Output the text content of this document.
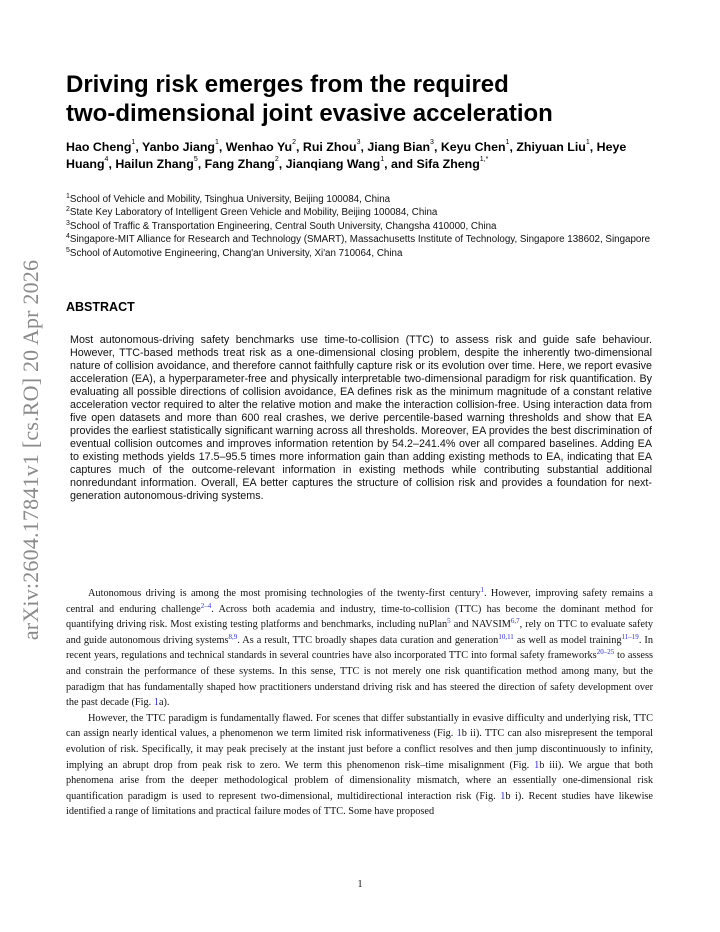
arXiv:2604.17841v1 [cs.RO] 20 Apr 2026
Driving risk emerges from the required
two-dimensional joint evasive acceleration

Hao Cheng$^1$, Yanbo Jiang$^1$, Wenhao Yu$^2$, Rui Zhou$^3$, Jiang Bian$^3$, Keyu Chen$^1$, Zhiyuan Liu$^1$, Heye Huang$^4$, Hailun Zhang$^5$, Fang Zhang$^2$, Jianqiang Wang$^1$, and Sifa Zheng$^{1,*}$

$^1$School of Vehicle and Mobility, Tsinghua University, Beijing 100084, China
$^2$State Key Laboratory of Intelligent Green Vehicle and Mobility, Beijing 100084, China
$^3$School of Traffic & Transportation Engineering, Central South University, Changsha 410000, China
$^4$Singapore-MIT Alliance for Research and Technology (SMART), Massachusetts Institute of Technology, Singapore 138602, Singapore
$^5$School of Automotive Engineering, Chang'an University, Xi'an 710064, China
ABSTRACT

Most autonomous-driving safety benchmarks use time-to-collision (TTC) to assess risk and guide safe behaviour. However, TTC-based methods treat risk as a one-dimensional closing problem, despite the inherently two-dimensional nature of collision avoidance, and therefore cannot faithfully capture risk or its evolution over time. Here, we report evasive acceleration (EA), a hyperparameter-free and physically interpretable two-dimensional paradigm for risk quantification. By evaluating all possible directions of collision avoidance, EA defines risk as the minimum magnitude of a constant relative acceleration vector required to alter the relative motion and make the interaction collision-free. Using interaction data from five open datasets and more than 600 real crashes, we derive percentile-based warning thresholds and show that EA provides the earliest statistically significant warning across all thresholds. Moreover, EA provides the best discrimination of eventual collision outcomes and improves information retention by 54.2–241.4% over all compared baselines. Adding EA to existing methods yields 17.5–95.5 times more information gain than adding existing methods to EA, indicating that EA captures much of the outcome-relevant information in existing methods while contributing substantial additional nonredundant information. Overall, EA better captures the structure of collision risk and provides a foundation for next-generation autonomous-driving systems.

Autonomous driving is among the most promising technologies of the twenty-first century$^1$. However, improving safety remains a central and enduring challenge$^{2-4}$. Across both academia and industry, time-to-collision (TTC) has become the dominant method for quantifying driving risk. Most existing testing platforms and benchmarks, including nuPlan$^5$ and NAVSIM$^{6,7}$, rely on TTC to evaluate safety and guide autonomous driving systems$^{8,9}$. As a result, TTC broadly shapes data curation and generation$^{10,11}$ as well as model training$^{11-19}$. In recent years, regulations and technical standards in several countries have also incorporated TTC into formal safety frameworks$^{20-25}$ to assess and constrain the performance of these systems. In this sense, TTC is not merely one risk quantification method among many, but the paradigm that has fundamentally shaped how practitioners understand driving risk and has steered the direction of safety development over the past decade (Fig. 1a).

However, the TTC paradigm is fundamentally flawed. For scenes that differ substantially in evasive difficulty and underlying risk, TTC can assign nearly identical values, a phenomenon we term limited risk informativeness (Fig. 1b ii). TTC can also misrepresent the temporal evolution of risk. Specifically, it may peak precisely at the instant just before a conflict resolves and then jump discontinuously to infinity, implying an abrupt drop from peak risk to zero. We term this phenomenon risk–time misalignment (Fig. 1b iii). We argue that both phenomena arise from the deeper methodological problem of dimensionality mismatch, where an essentially one-dimensional risk quantification paradigm is used to represent two-dimensional, multidirectional interaction risk (Fig. 1b i). Recent studies have likewise identified a range of limitations and practical failure modes of TTC. Some have proposed

1
